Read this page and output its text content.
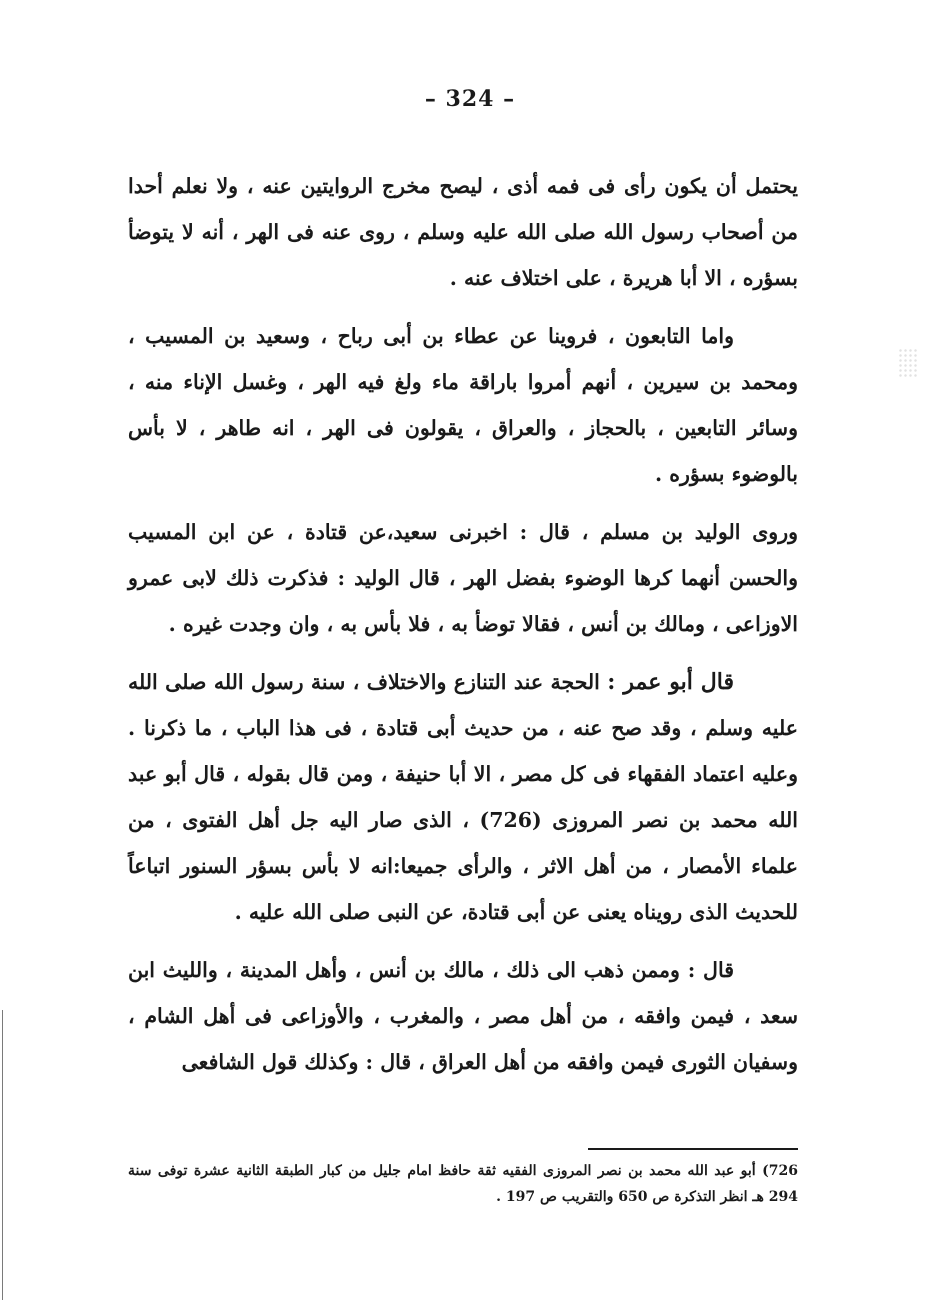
– 324 –

يحتمل أن يكون رأى فى فمه أذى ، ليصح مخرج الروايتين عنه ، ولا نعلم أحدا من أصحاب رسول الله صلى الله عليه وسلم ، روى عنه فى الهر ، أنه لا يتوضأ بسؤره ، الا أبا هريرة ، على اختلاف عنه .

واما التابعون ، فروينا عن عطاء بن أبى رباح ، وسعيد بن المسيب ، ومحمد بن سيرين ، أنهم أمروا باراقة ماء ولغ فيه الهر ، وغسل الإناء منه ، وسائر التابعين ، بالحجاز ، والعراق ، يقولون فى الهر ، انه طاهر ، لا بأس بالوضوء بسؤره .

وروى الوليد بن مسلم ، قال : اخبرنى سعيد،عن قتادة ، عن ابن المسيب والحسن أنهما كرها الوضوء بفضل الهر ، قال الوليد : فذكرت ذلك لابى عمرو الاوزاعى ، ومالك بن أنس ، فقالا توضأ به ، فلا بأس به ، وان وجدت غيره .

قال أبو عمر : الحجة عند التنازع والاختلاف ، سنة رسول الله صلى الله عليه وسلم ، وقد صح عنه ، من حديث أبى قتادة ، فى هذا الباب ، ما ذكرنا . وعليه اعتماد الفقهاء فى كل مصر ، الا أبا حنيفة ، ومن قال بقوله ، قال أبو عبد الله محمد بن نصر المروزى (726) ، الذى صار اليه جل أهل الفتوى ، من علماء الأمصار ، من أهل الاثر ، والرأى جميعا:انه لا بأس بسؤر السنور اتباعاً للحديث الذى رويناه يعنى عن أبى قتادة، عن النبى صلى الله عليه .

قال : وممن ذهب الى ذلك ، مالك بن أنس ، وأهل المدينة ، والليث ابن سعد ، فيمن وافقه ، من أهل مصر ، والمغرب ، والأوزاعى فى أهل الشام ، وسفيان الثورى فيمن وافقه من أهل العراق ، قال : وكذلك قول الشافعى

726) أبو عبد الله محمد بن نصر المروزى الفقيه ثقة حافظ امام جليل من كبار الطبقة الثانية عشرة توفى سنة 294 هـ انظر التذكرة ص 650 والتقريب ص 197 .
